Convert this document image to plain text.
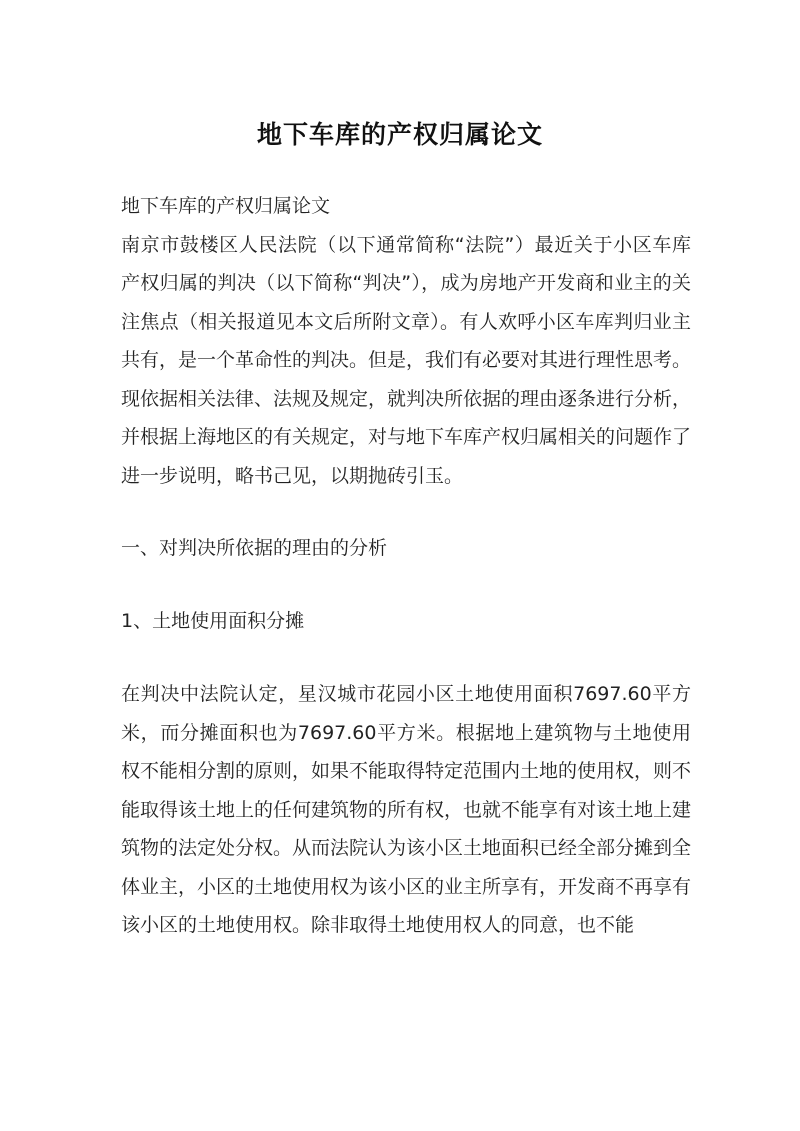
地下车库的产权归属论文

地下车库的产权归属论文

南京市鼓楼区人民法院（以下通常简称“法院”）最近关于小区车库产权归属的判决（以下简称“判决”），成为房地产开发商和业主的关注焦点（相关报道见本文后所附文章）。有人欢呼小区车库判归业主共有，是一个革命性的判决。但是，我们有必要对其进行理性思考。现依据相关法律、法规及规定，就判决所依据的理由逐条进行分析，并根据上海地区的有关规定，对与地下车库产权归属相关的问题作了进一步说明，略书己见，以期抛砖引玉。

一、对判决所依据的理由的分析

1、土地使用面积分摊

在判决中法院认定，星汉城市花园小区土地使用面积7697.60平方米，而分摊面积也为7697.60平方米。根据地上建筑物与土地使用权不能相分割的原则，如果不能取得特定范围内土地的使用权，则不能取得该土地上的任何建筑物的所有权，也就不能享有对该土地上建筑物的法定处分权。从而法院认为该小区土地面积已经全部分摊到全体业主，小区的土地使用权为该小区的业主所享有，开发商不再享有该小区的土地使用权。除非取得土地使用权人的同意，也不能
